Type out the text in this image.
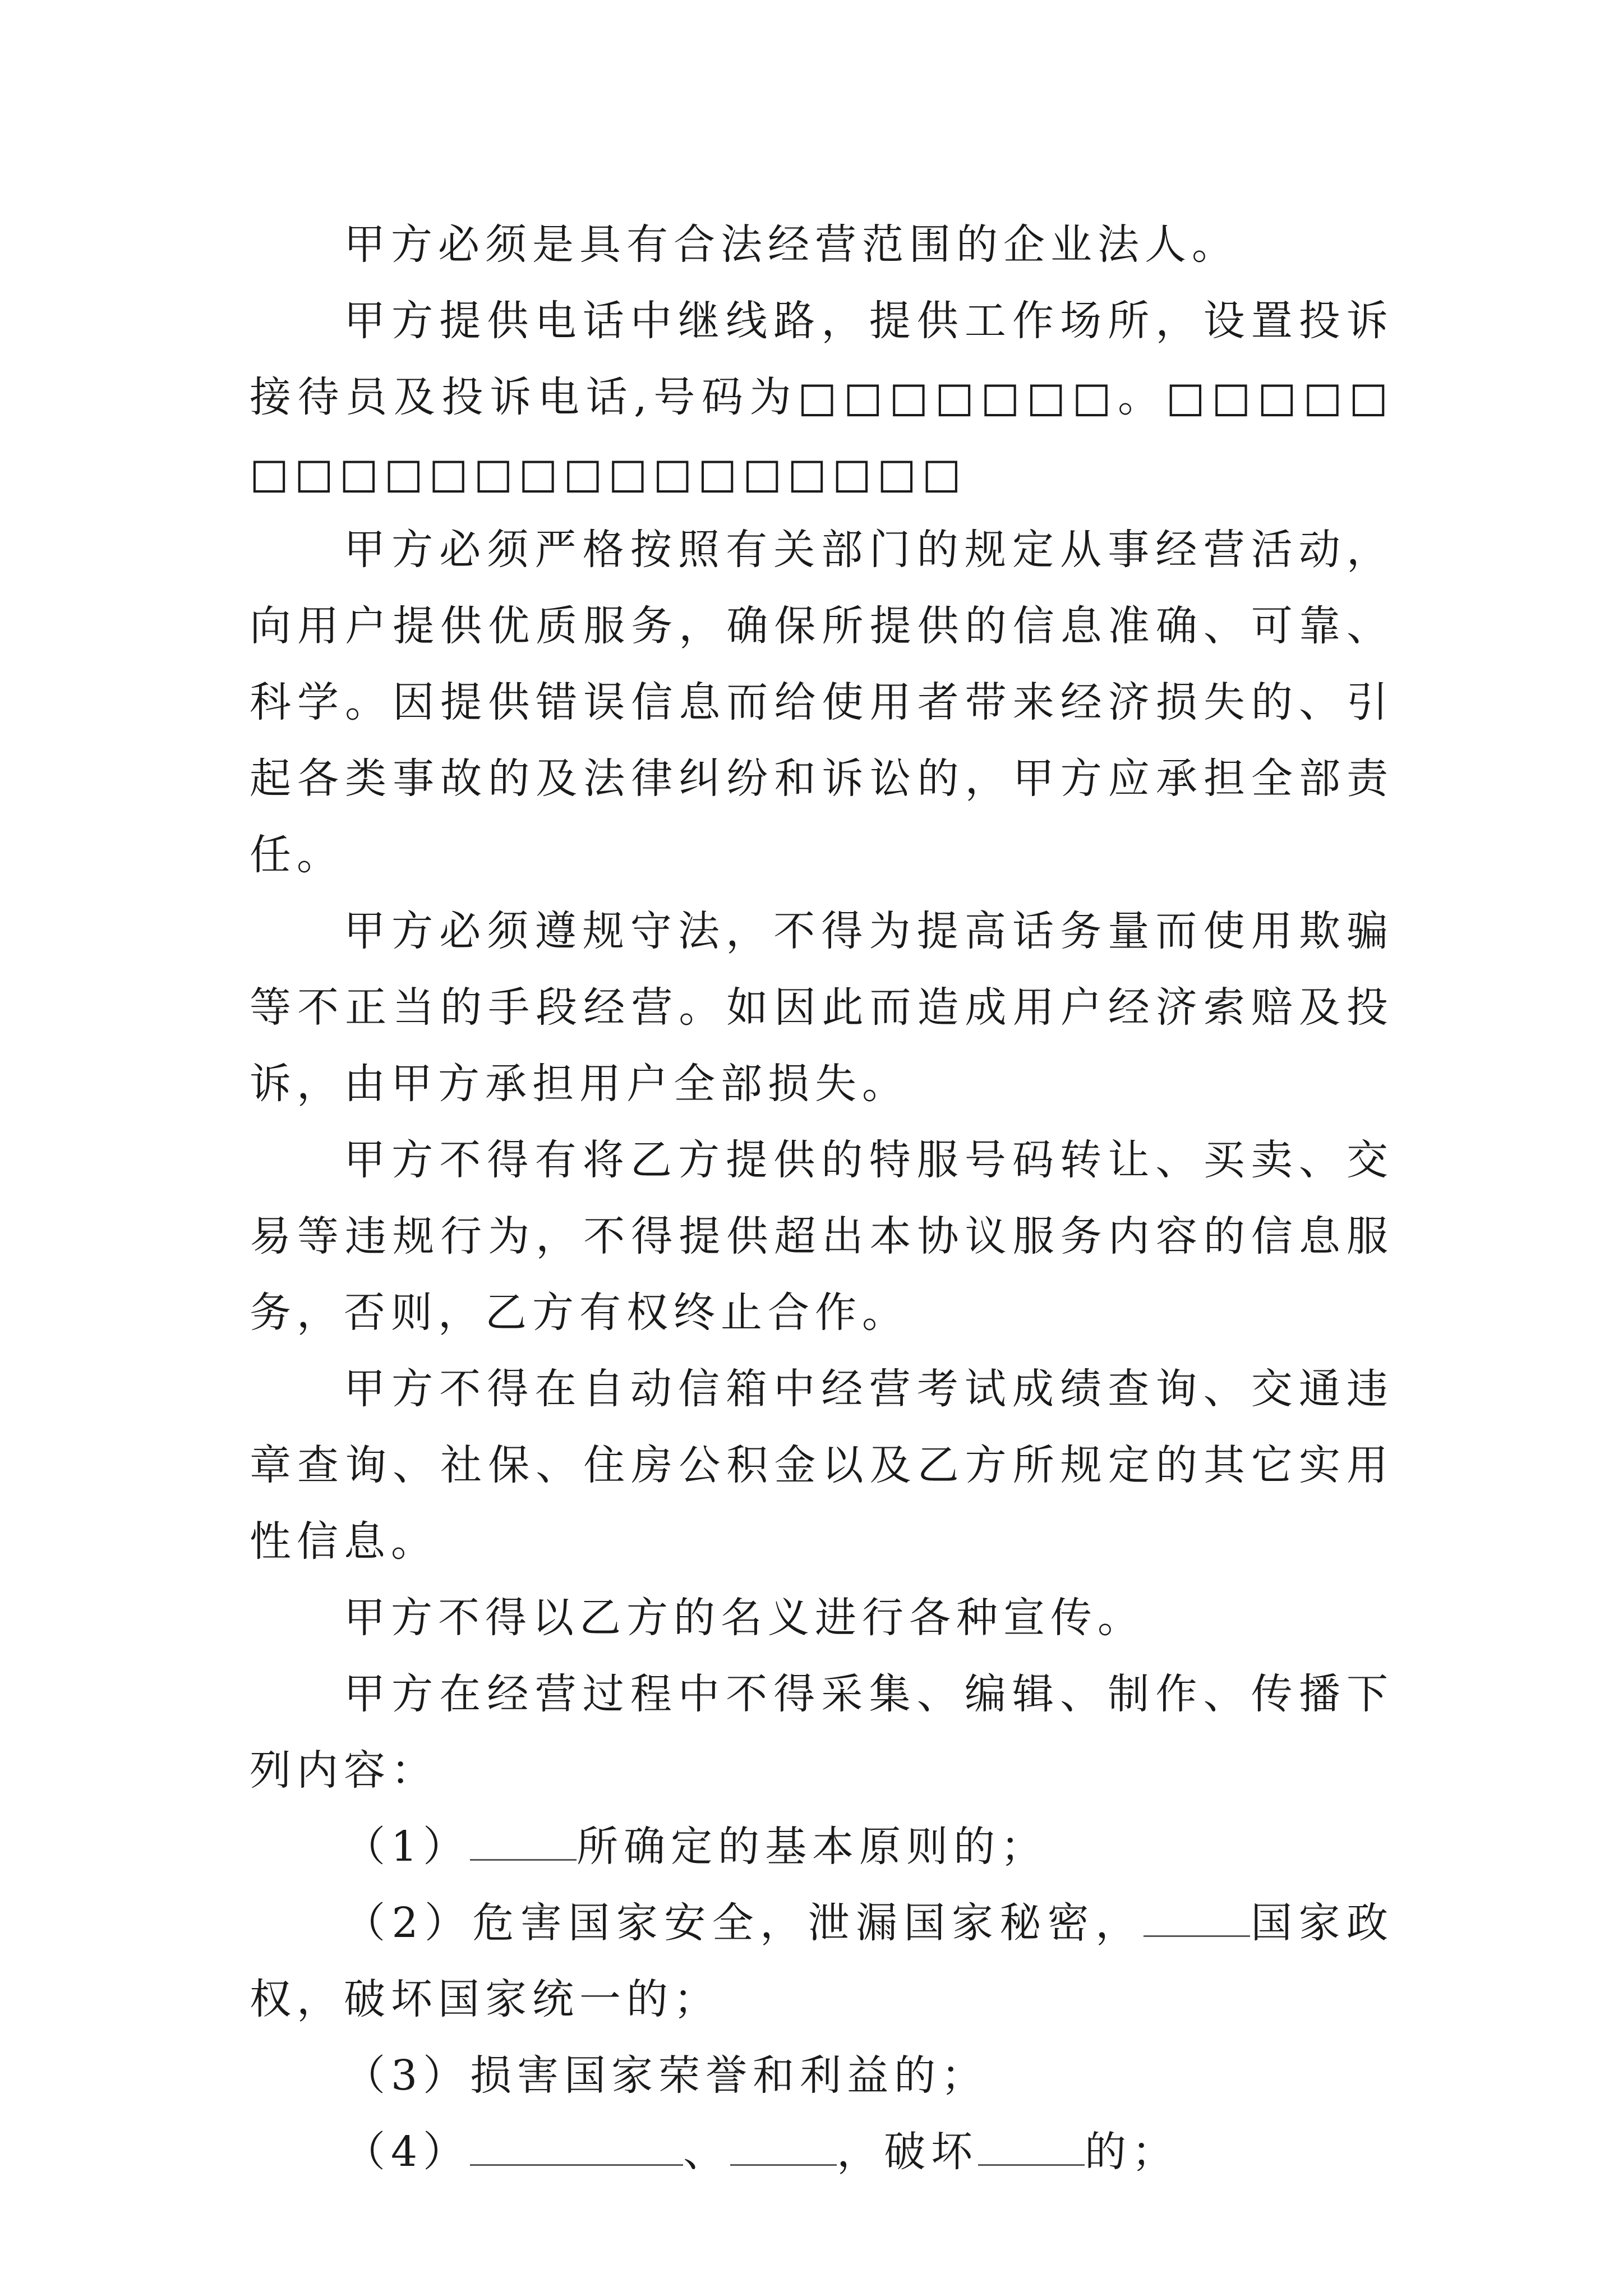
甲方必须是具有合法经营范围的企业法人。

甲方提供电话中继线路，提供工作场所，设置投诉接待员及投诉电话,号码为□□□□□□□。□□□□□□□□□□□□□□□□□□□□□

甲方必须严格按照有关部门的规定从事经营活动，向用户提供优质服务，确保所提供的信息准确、可靠、科学。因提供错误信息而给使用者带来经济损失的、引起各类事故的及法律纠纷和诉讼的，甲方应承担全部责任。

甲方必须遵规守法，不得为提高话务量而使用欺骗等不正当的手段经营。如因此而造成用户经济索赔及投诉，由甲方承担用户全部损失。

甲方不得有将乙方提供的特服号码转让、买卖、交易等违规行为，不得提供超出本协议服务内容的信息服务，否则，乙方有权终止合作。

甲方不得在自动信箱中经营考试成绩查询、交通违章查询、社保、住房公积金以及乙方所规定的其它实用性信息。

甲方不得以乙方的名义进行各种宣传。

甲方在经营过程中不得采集、编辑、制作、传播下列内容：

（1）	所确定的基本原则的；

（2）危害国家安全，泄漏国家秘密，	国家政权，破坏国家统一的；

（3）损害国家荣誉和利益的；

（4）	、	，破坏	的；
